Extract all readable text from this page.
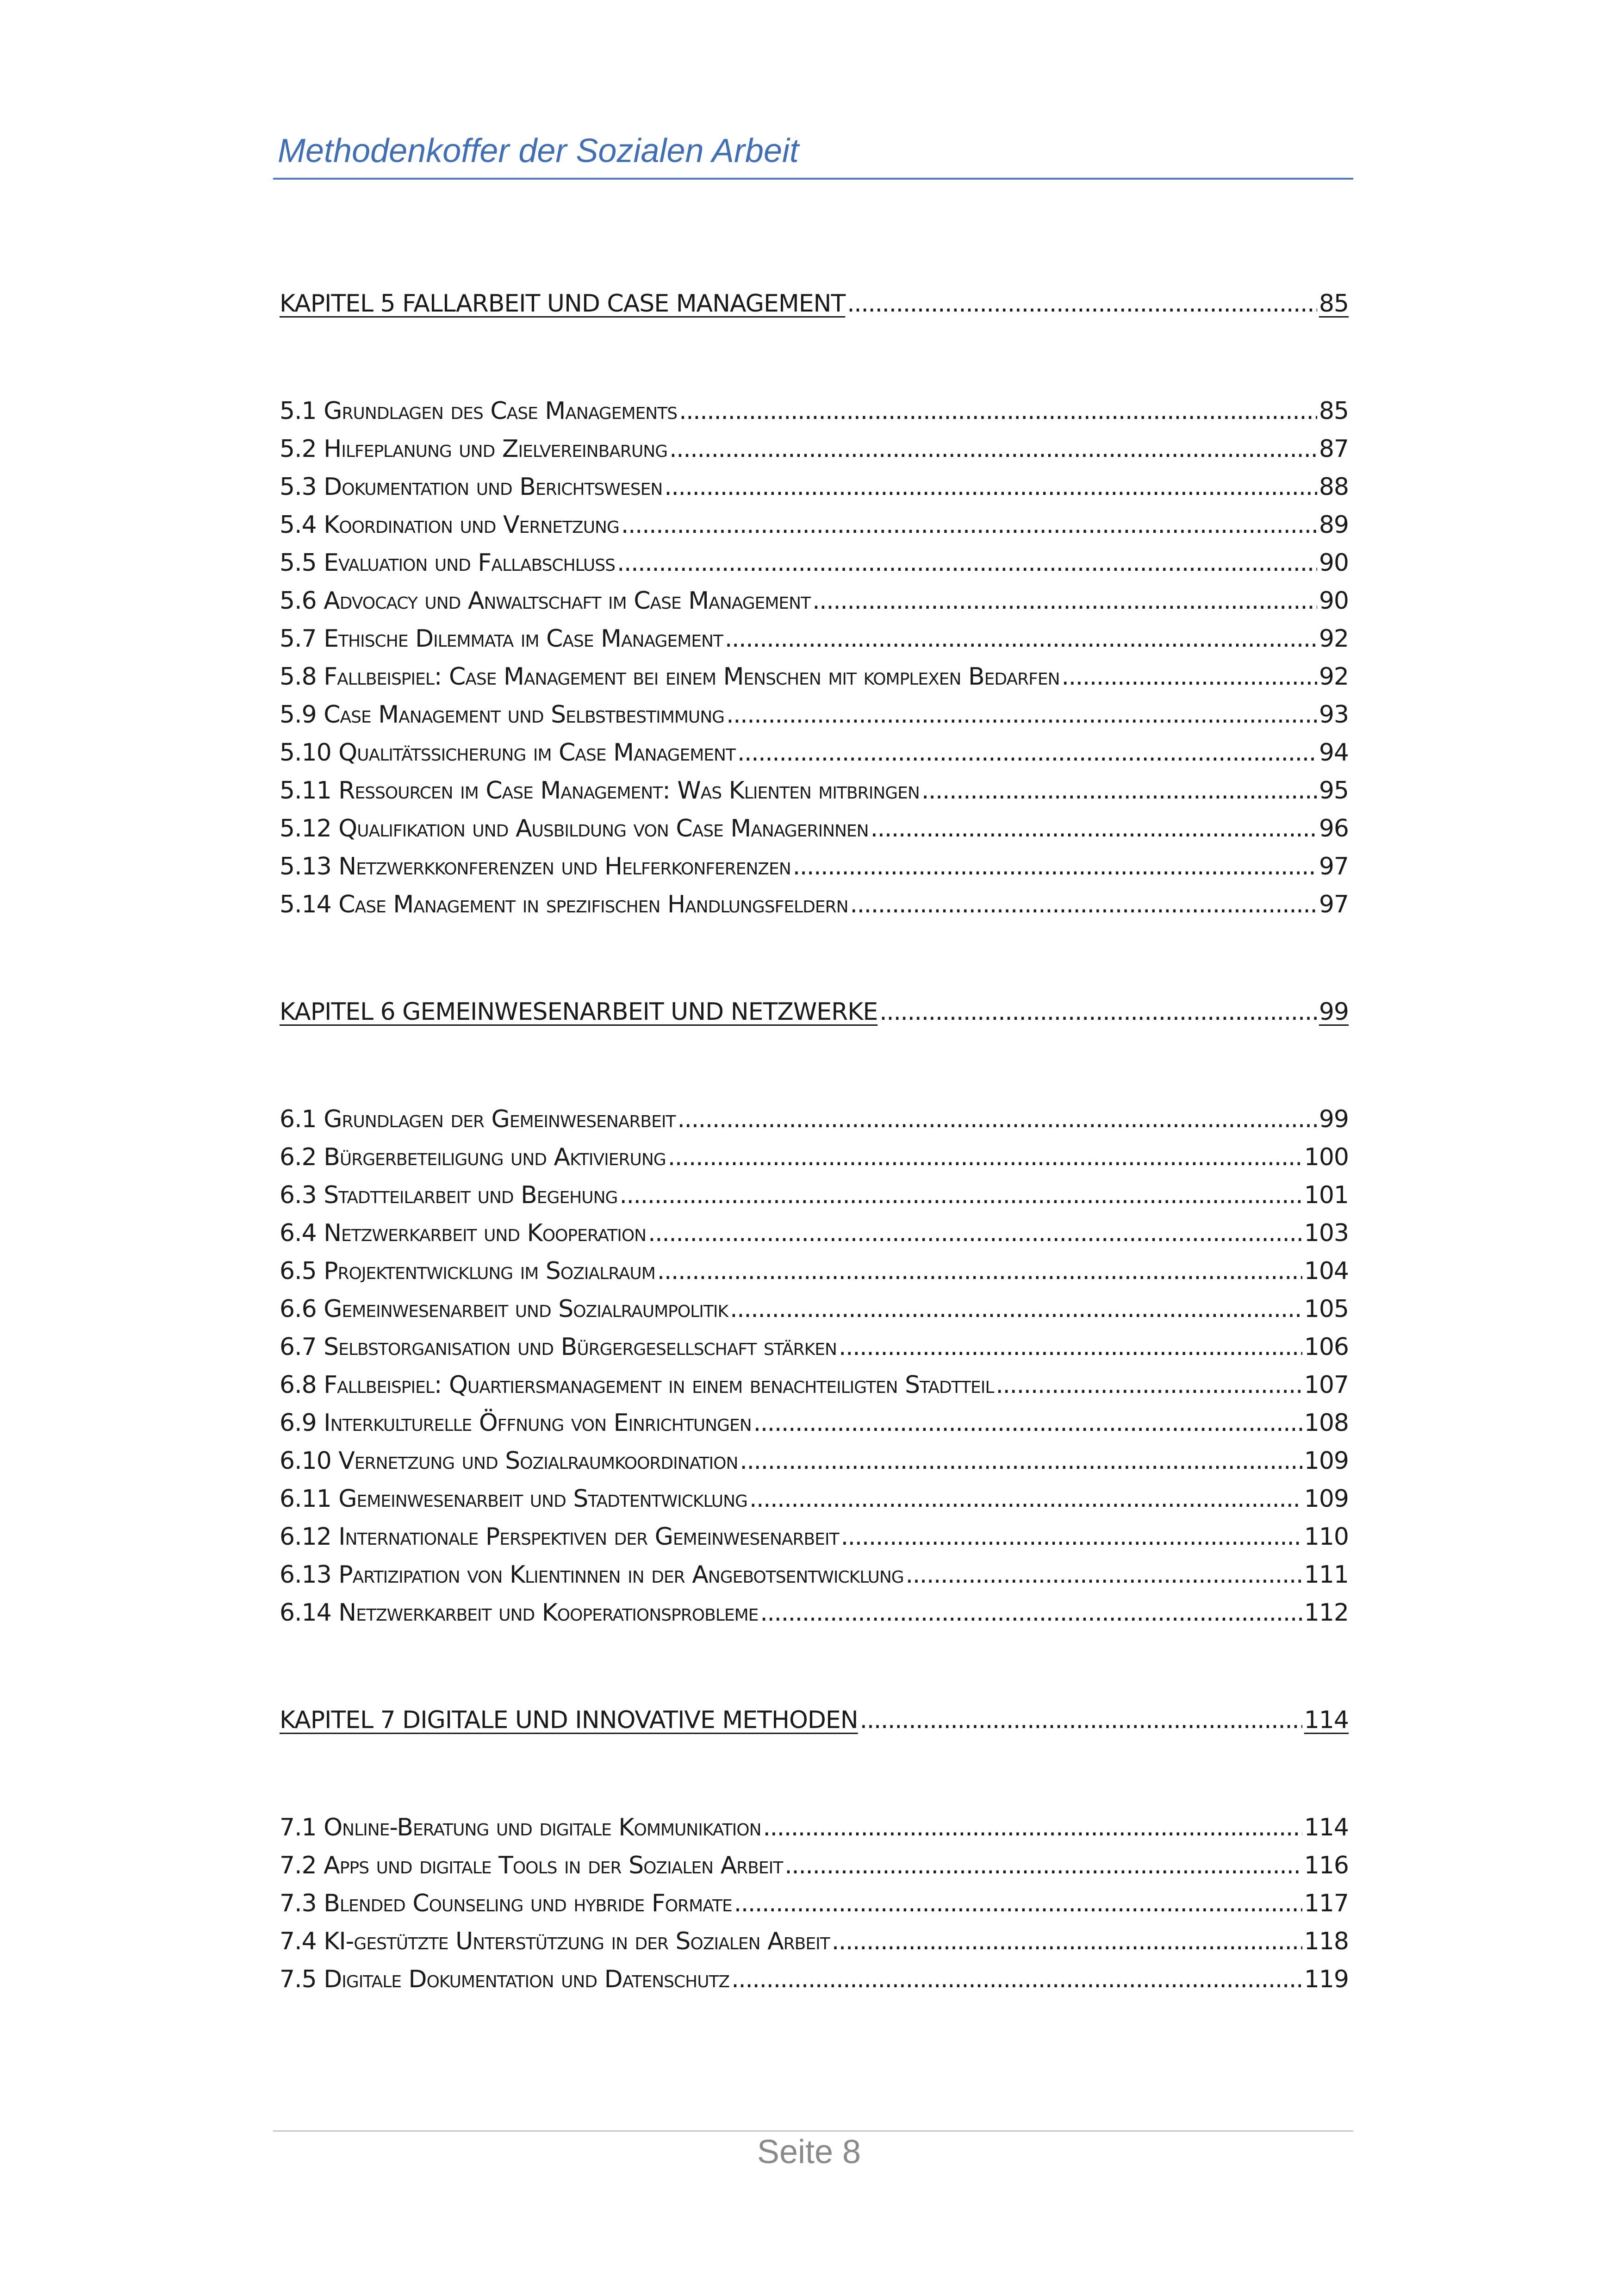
Methodenkoffer der Sozialen Arbeit
KAPITEL 5 FALLARBEIT UND CASE MANAGEMENT . . .	85
5.1 Grundlagen des Case Managements . . .	85
5.2 Hilfeplanung und Zielvereinbarung . . .	87
5.3 Dokumentation und Berichtswesen . . .	88
5.4 Koordination und Vernetzung . . .	89
5.5 Evaluation und Fallabschluss . . .	90
5.6 Advocacy und Anwaltschaft im Case Management . . .	90
5.7 Ethische Dilemmata im Case Management . . .	92
5.8 Fallbeispiel: Case Management bei einem Menschen mit komplexen Bedarfen . . .	92
5.9 Case Management und Selbstbestimmung . . .	93
5.10 Qualitätssicherung im Case Management . . .	94
5.11 Ressourcen im Case Management: Was Klienten mitbringen . . .	95
5.12 Qualifikation und Ausbildung von Case Managerinnen . . .	96
5.13 Netzwerkkonferenzen und Helferkonferenzen . . .	97
5.14 Case Management in spezifischen Handlungsfeldern . . .	97
KAPITEL 6 GEMEINWESENARBEIT UND NETZWERKE . . .	99
6.1 Grundlagen der Gemeinwesenarbeit . . .	99
6.2 Bürgerbeteiligung und Aktivierung . . .	100
6.3 Stadtteilarbeit und Begehung . . .	101
6.4 Netzwerkarbeit und Kooperation . . .	103
6.5 Projektentwicklung im Sozialraum . . .	104
6.6 Gemeinwesenarbeit und Sozialraumpolitik . . .	105
6.7 Selbstorganisation und Bürgergesellschaft stärken . . .	106
6.8 Fallbeispiel: Quartiersmanagement in einem benachteiligten Stadtteil . . .	107
6.9 Interkulturelle Öffnung von Einrichtungen . . .	108
6.10 Vernetzung und Sozialraumkoordination . . .	109
6.11 Gemeinwesenarbeit und Stadtentwicklung . . .	109
6.12 Internationale Perspektiven der Gemeinwesenarbeit . . .	110
6.13 Partizipation von Klientinnen in der Angebotsentwicklung . . .	111
6.14 Netzwerkarbeit und Kooperationsprobleme . . .	112
KAPITEL 7 DIGITALE UND INNOVATIVE METHODEN . . .	114
7.1 Online-Beratung und digitale Kommunikation . . .	114
7.2 Apps und digitale Tools in der Sozialen Arbeit . . .	116
7.3 Blended Counseling und hybride Formate . . .	117
7.4 KI-gestützte Unterstützung in der Sozialen Arbeit . . .	118
7.5 Digitale Dokumentation und Datenschutz . . .	119
Seite 8
